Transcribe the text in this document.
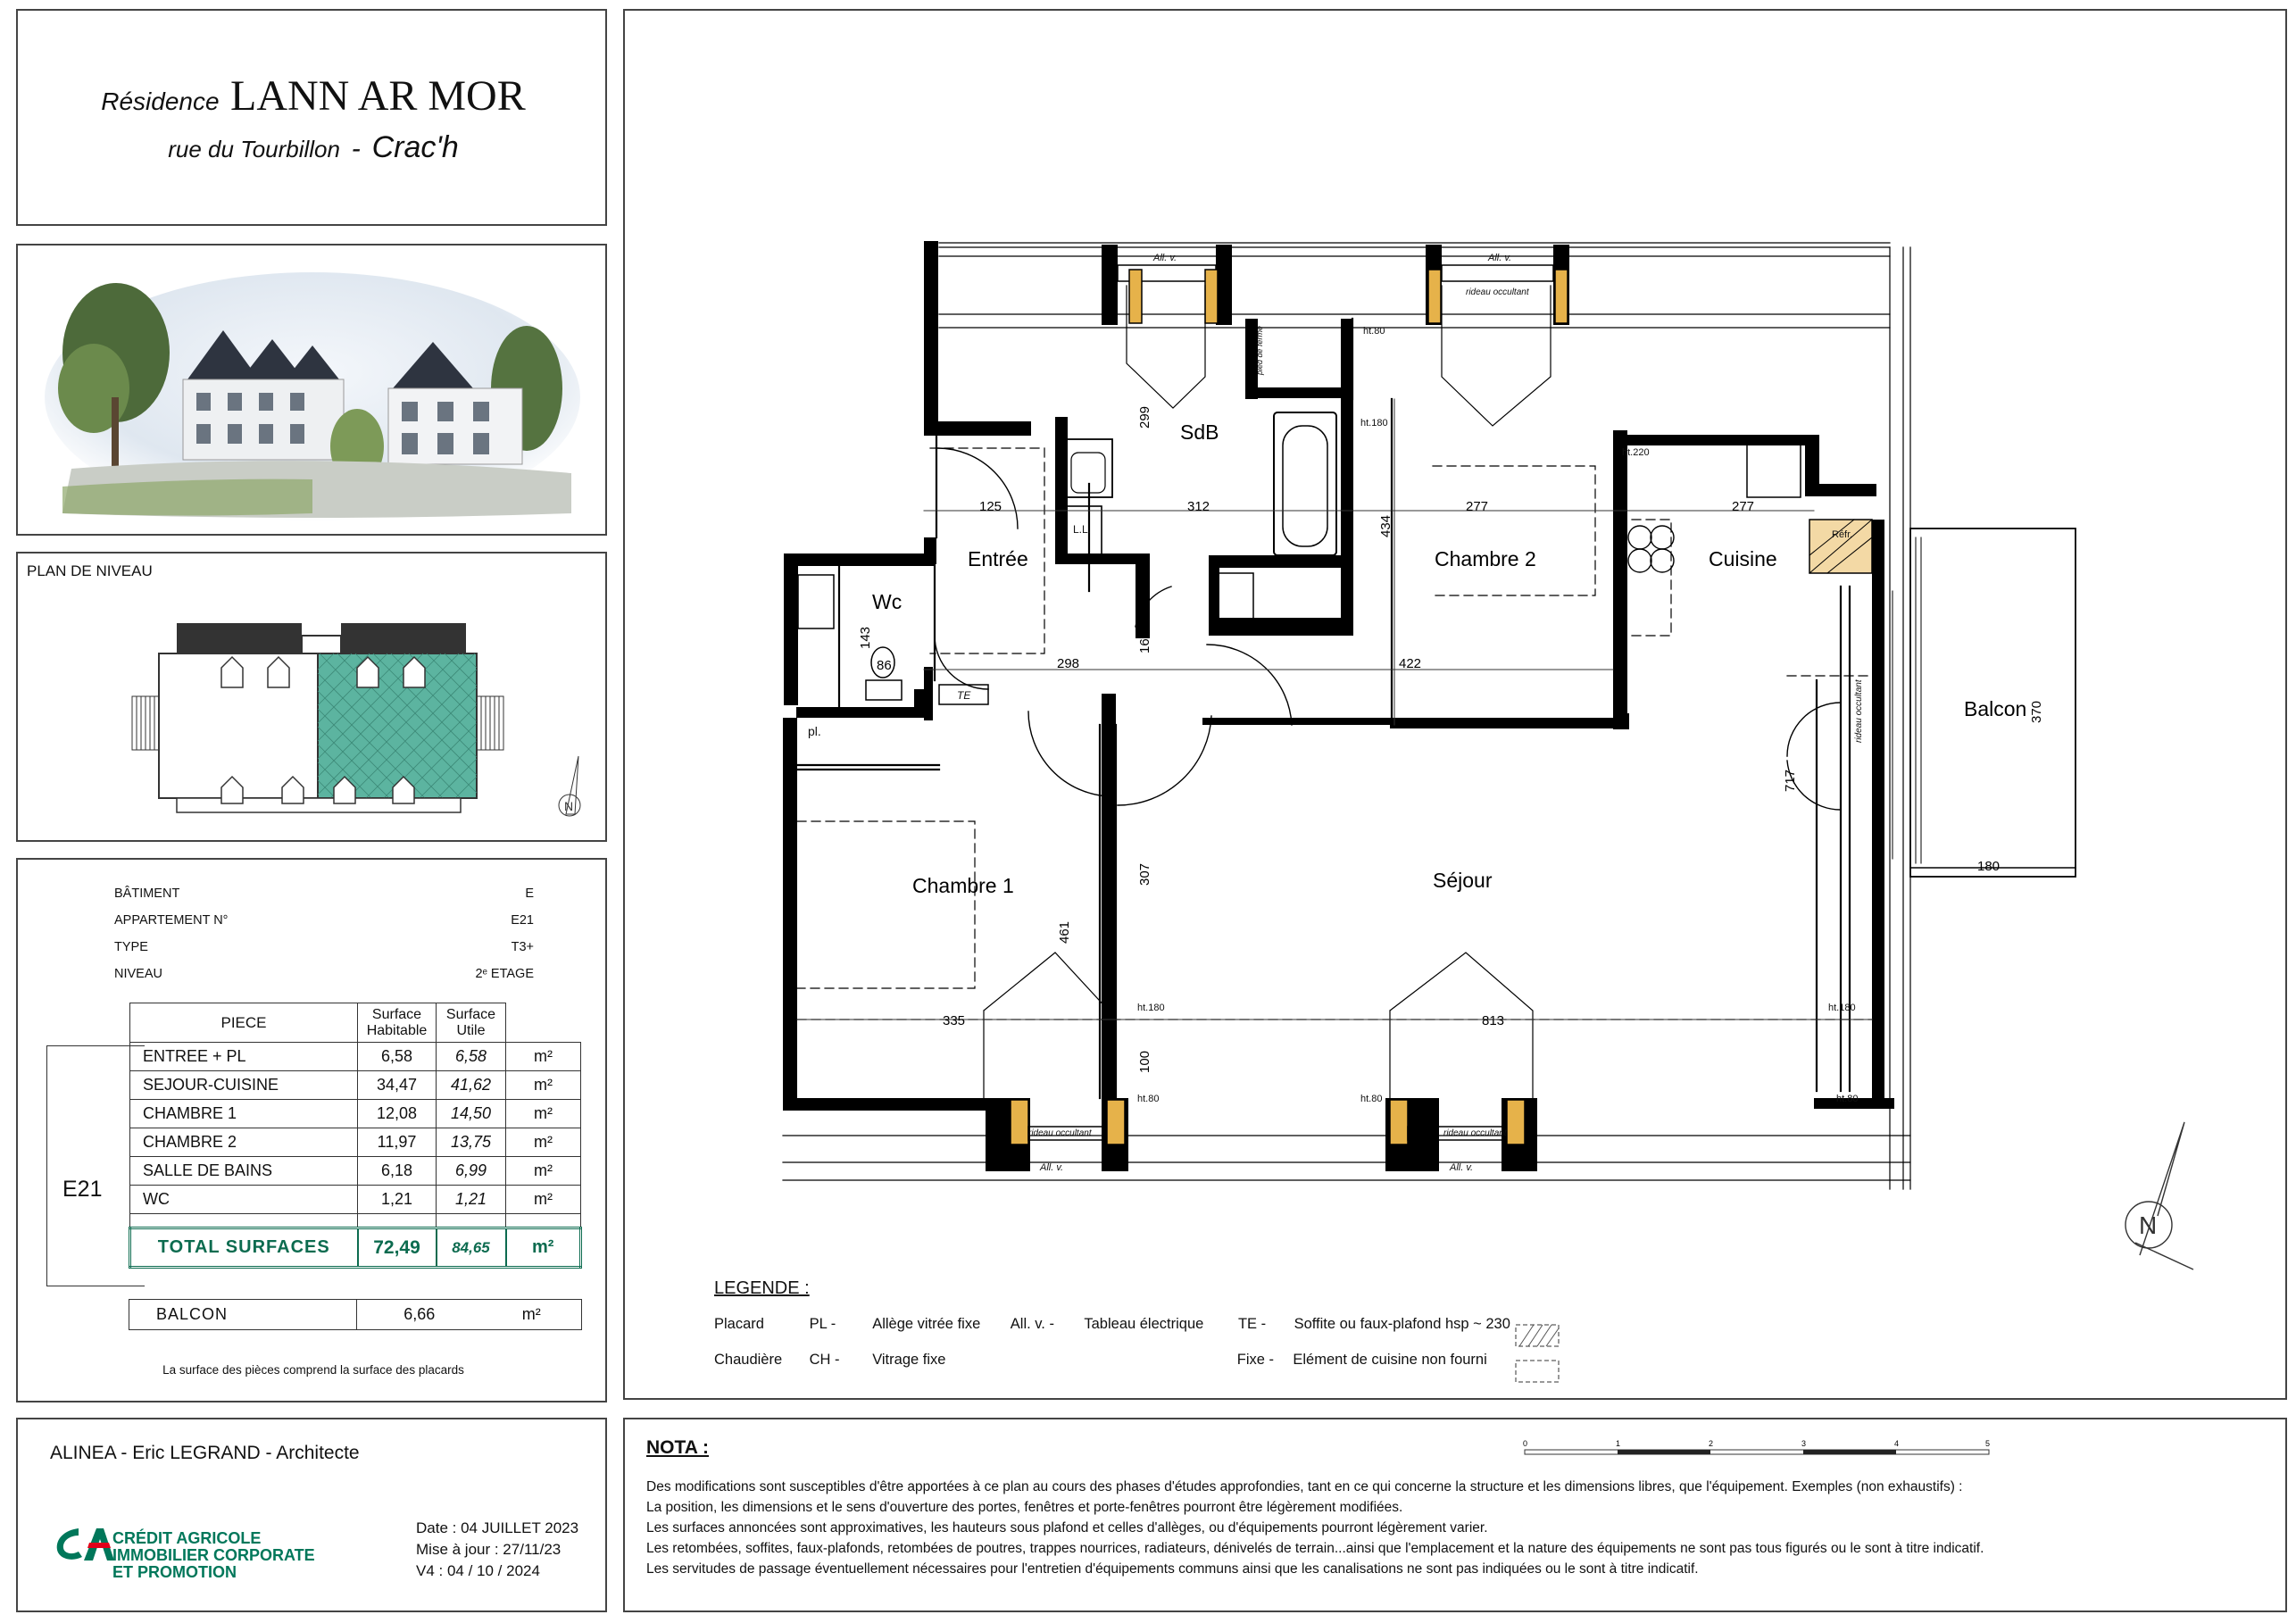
Résidence LANN AR MOR
rue du Tourbillon  -  Crac'h
PLAN DE NIVEAU
N
BÂTIMENT	E
APPARTEMENT N°	E21
TYPE	T3+
NIVEAU	2ᵉ ETAGE
E21
PIECE	Surface Habitable	Surface Utile	
ENTREE + PL	6,58	6,58	m²
SEJOUR-CUISINE	34,47	41,62	m²
CHAMBRE 1	12,08	14,50	m²
CHAMBRE 2	11,97	13,75	m²
SALLE DE BAINS	6,18	6,99	m²
WC	1,21	1,21	m²

TOTAL SURFACES	72,49	84,65	m²
BALCON	6,66	m²
La surface des pièces comprend la surface des placards
ALINEA - Eric LEGRAND - Architecte
CRÉDIT AGRICOLE
IMMOBILIER CORPORATE
ET PROMOTION
Date : 04 JUILLET 2023
Mise à jour : 27/11/23
V4 : 04 / 10 / 2024
N
SdB
Entrée	Chambre 2	Cuisine
Wc
Chambre 1	Séjour
Balcon
125	312	277	277
299
434
143
86
168
298	422
717
370
180
307
461
335	813
100
All. v.	All. v.
rideau occultant
ht.80
ht.180
ht.220
L.L.	Réfr.
TE
pl.
ht.180	ht.180
ht.80	ht.80	ht.80
rideau occultant	rideau occultant
All. v.	All. v.
rideau occultant
pied de ferme
LEGENDE :
Placard	PL - Allège vitrée fixe All. v. - Tableau électrique TE - Soffite ou faux-plafond hsp ~ 230
Chaudière CH - Vitrage fixe	Fixe - Elément de cuisine non fourni
NOTA :	0	1	2	3	4	5
Des modifications sont susceptibles d'être apportées à ce plan au cours des phases d'études approfondies, tant en ce qui concerne la structure et les dimensions libres, que l'équipement. Exemples (non exhaustifs) :
La position, les dimensions et le sens d'ouverture des portes, fenêtres et porte-fenêtres pourront être légèrement modifiées.
Les surfaces annoncées sont approximatives, les hauteurs sous plafond et celles d'allèges, ou d'équipements pourront légèrement varier.
Les retombées, soffites, faux-plafonds, retombées de poutres, trappes nourrices, radiateurs, dénivelés de terrain...ainsi que l'emplacement et la nature des équipements ne sont pas tous figurés ou le sont à titre indicatif.
Les servitudes de passage éventuellement nécessaires pour l'entretien d'équipements communs ainsi que les canalisations ne sont pas indiquées ou le sont à titre indicatif.
